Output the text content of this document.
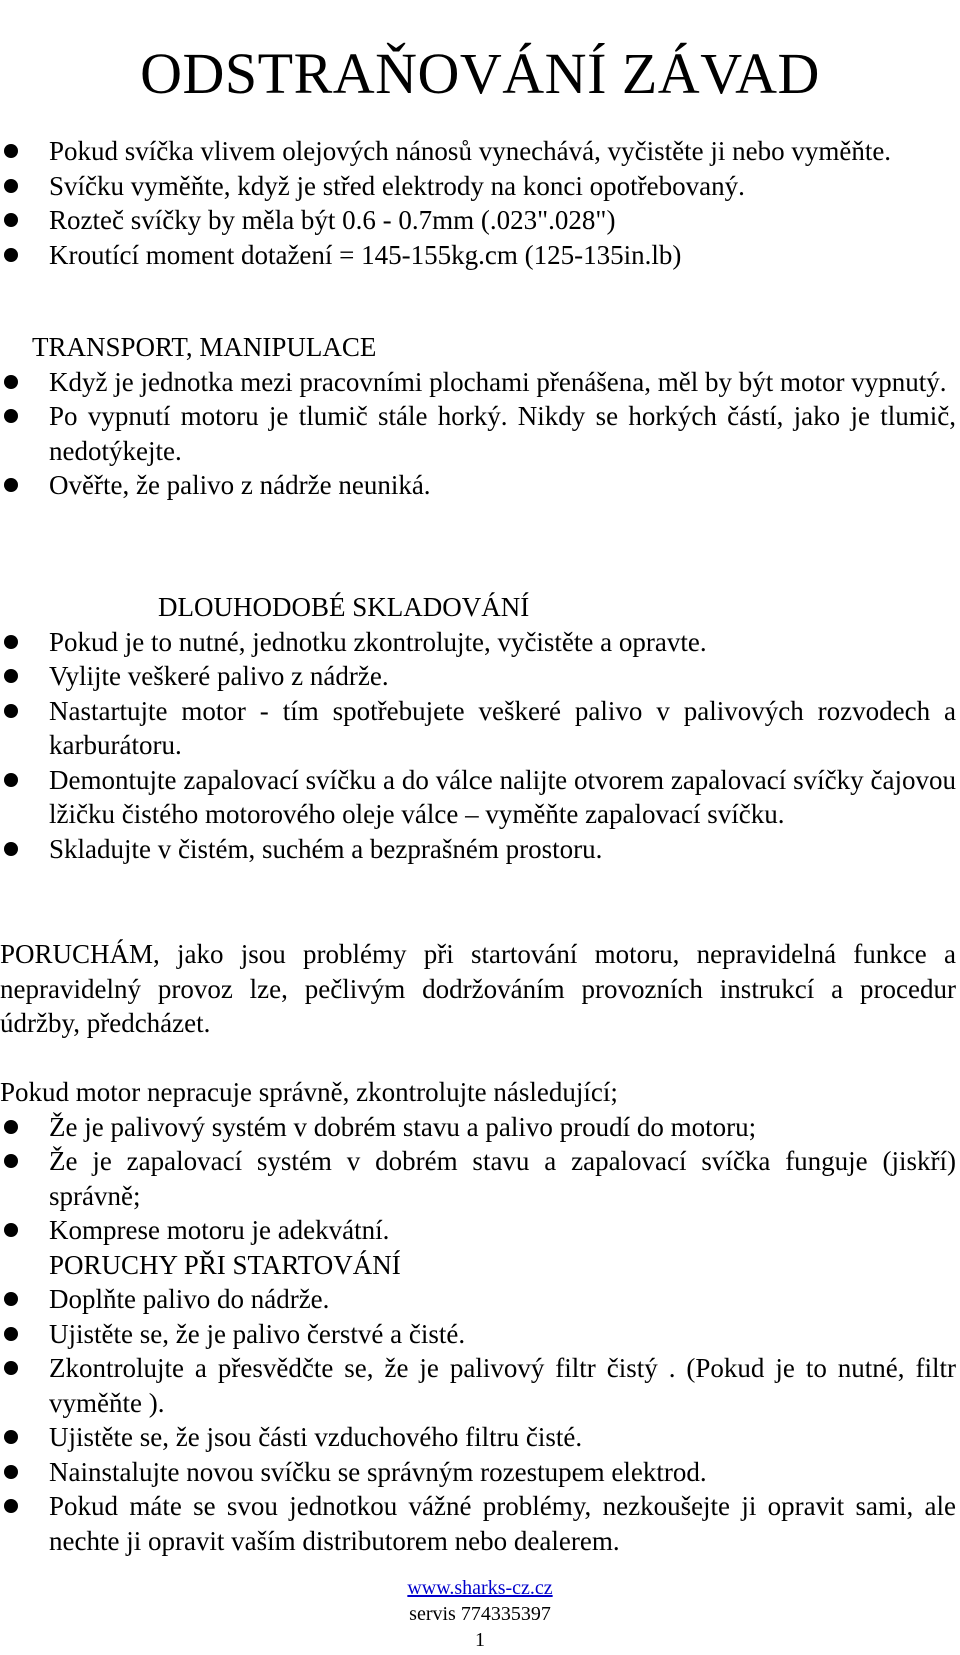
ODSTRAŇOVÁNÍ ZÁVAD
Pokud svíčka vlivem olejových nánosů vynechává, vyčistěte ji nebo vyměňte.
Svíčku vyměňte, když je střed elektrody na konci opotřebovaný.
Rozteč svíčky by měla být 0.6 - 0.7mm (.023".028")
Kroutící moment dotažení = 145-155kg.cm (125-135in.lb)
TRANSPORT, MANIPULACE
Když je jednotka mezi pracovními plochami přenášena, měl by být motor vypnutý.
Po vypnutí motoru je tlumič stále horký. Nikdy se horkých částí, jako je tlumič, nedotýkejte.
Ověřte, že palivo z nádrže neuniká.
DLOUHODOBÉ SKLADOVÁNÍ
Pokud je to nutné, jednotku zkontrolujte, vyčistěte a opravte.
Vylijte veškeré palivo z nádrže.
Nastartujte motor - tím spotřebujete veškeré palivo v palivových rozvodech a karburátoru.
Demontujte zapalovací svíčku a do válce nalijte otvorem zapalovací svíčky čajovou lžičku čistého motorového oleje válce – vyměňte zapalovací svíčku.
Skladujte v čistém, suchém a bezprašném prostoru.

PORUCHÁM, jako jsou problémy při startování motoru, nepravidelná funkce a nepravidelný provoz lze, pečlivým dodržováním provozních instrukcí a procedur údržby, předcházet.

Pokud motor nepracuje správně, zkontrolujte následující;
Že je palivový systém v dobrém stavu a palivo proudí do motoru;
Že je zapalovací systém v dobrém stavu a zapalovací svíčka funguje (jiskří) správně;
Komprese motoru je adekvátní.
PORUCHY PŘI STARTOVÁNÍ
Doplňte palivo do nádrže.
Ujistěte se, že je palivo čerstvé a čisté.
Zkontrolujte a přesvědčte se, že je palivový filtr čistý . (Pokud je to nutné, filtr vyměňte ).
Ujistěte se, že jsou části vzduchového filtru čisté.
Nainstalujte novou svíčku se správným rozestupem elektrod.
Pokud máte se svou jednotkou vážné problémy, nezkoušejte ji opravit sami, ale nechte ji opravit vaším distributorem nebo dealerem.
www.sharks-cz.cz
servis 774335397
1
